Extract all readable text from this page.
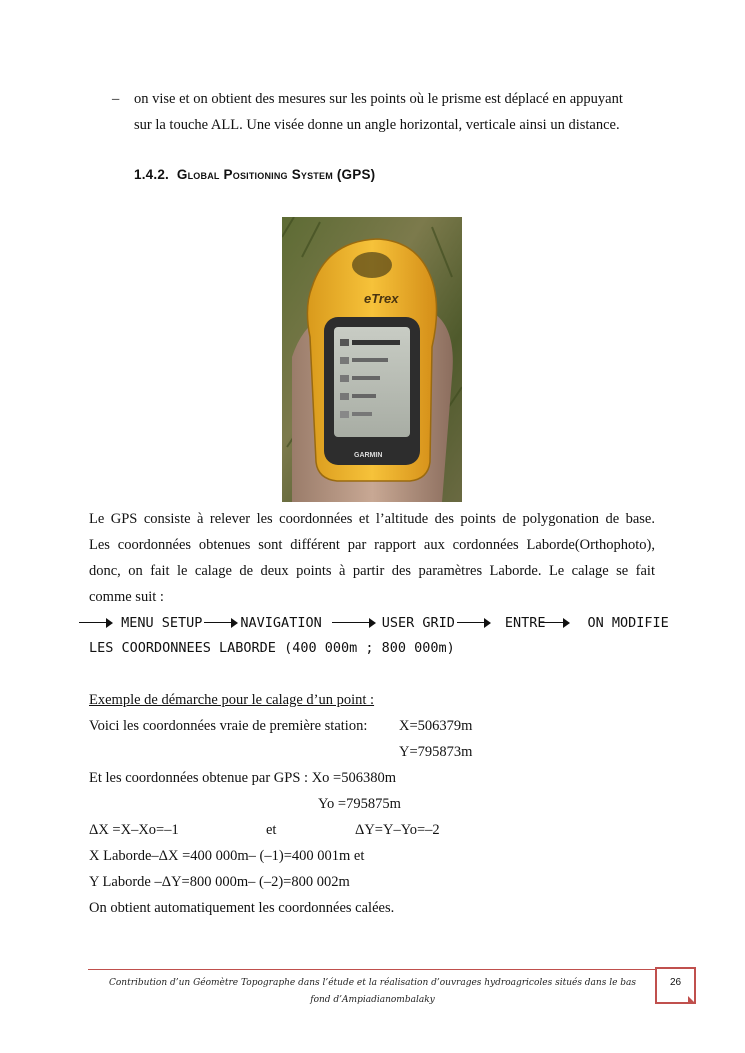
– on vise et on obtient des mesures sur les points où le prisme est déplacé en appuyant
sur la touche ALL. Une visée donne un angle horizontal, verticale ainsi un distance.
1.4.2. Global Positioning System (GPS)
eTrex
GARMIN
Le GPS consiste à relever les coordonnées et l’altitude des points de polygonation de base.
Les coordonnées obtenues sont différent par rapport aux cordonnées Laborde(Orthophoto),
donc, on fait le calage de deux points à partir des paramètres Laborde. Le calage se fait
comme suit :
MENU SETUP	NAVIGATION	USER GRID	ENTRE	ON MODIFIE
LES COORDONNEES LABORDE (400 000m ; 800 000m)
Exemple de démarche pour le calage d’un point :
Voici les coordonnées vraie de première station: X=506379m
Y=795873m
Et les coordonnées obtenue par GPS : Xo =506380m
Yo =795875m
ΔX =X–Xo=–1	et	ΔY=Y–Yo=–2
X Laborde–ΔX =400 000m– (–1)=400 001m et
Y Laborde –ΔY=800 000m– (–2)=800 002m
On obtient automatiquement les coordonnées calées.
Contribution d’un Géomètre Topographe dans l’étude et la réalisation d’ouvrages hydroagricoles situés dans le bas fond d’Ampiadianombalaky
26
